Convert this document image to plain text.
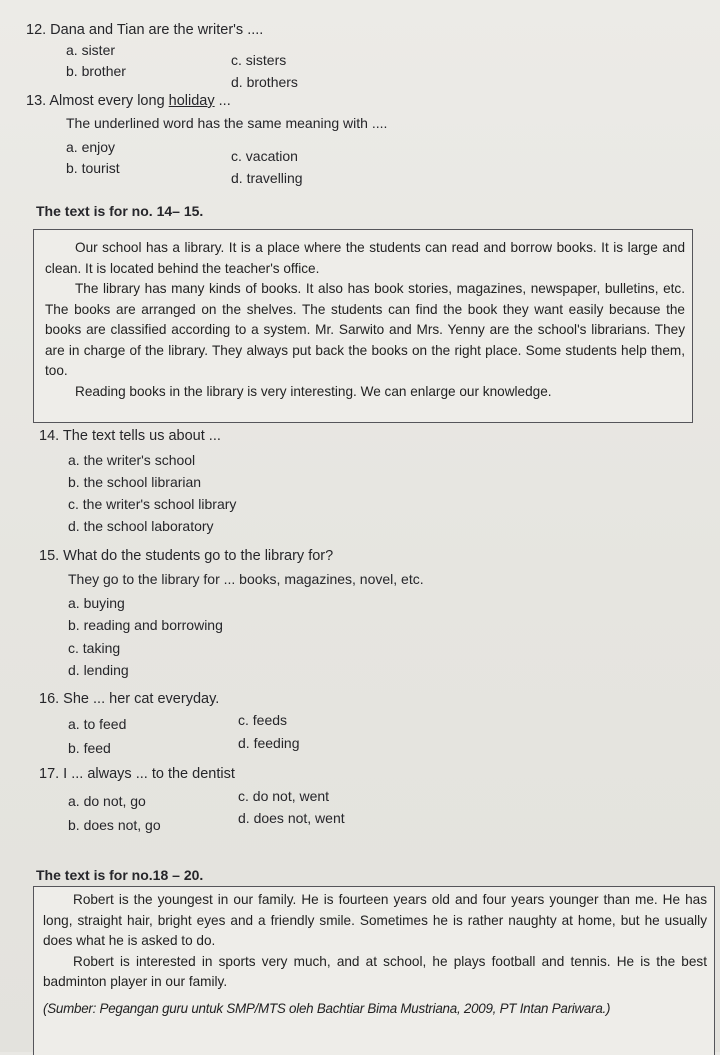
12. Dana and Tian are the writer's ....
a. sister
b. brother
c. sisters
d. brothers
13. Almost every long holiday ...
The underlined word has the same meaning with ....
a. enjoy
b. tourist
c. vacation
d. travelling
The text is for no. 14– 15.

Our school has a library. It is a place where the students can read and borrow books. It is large and clean. It is located behind the teacher's office.

The library has many kinds of books. It also has book stories, magazines, newspaper, bulletins, etc. The books are arranged on the shelves. The students can find the book they want easily because the books are classified according to a system. Mr. Sarwito and Mrs. Yenny are the school's librarians. They are in charge of the library. They always put back the books on the right place. Some students help them, too.

Reading books in the library is very interesting. We can enlarge our knowledge.

14. The text tells us about ...
a. the writer's school
b. the school librarian
c. the writer's school library
d. the school laboratory
15. What do the students go to the library for?
They go to the library for ... books, magazines, novel, etc.
a. buying
b. reading and borrowing
c. taking
d. lending
16. She ... her cat everyday.
a. to feed
b. feed
c. feeds
d. feeding
17. I ... always ... to the dentist
a. do not, go
b. does not, go
c. do not, went
d. does not, went
The text is for no.18 – 20.

Robert is the youngest in our family. He is fourteen years old and four years younger than me. He has long, straight hair, bright eyes and a friendly smile. Sometimes he is rather naughty at home, but he usually does what he is asked to do.

Robert is interested in sports very much, and at school, he plays football and tennis. He is the best badminton player in our family.

(Sumber: Pegangan guru untuk SMP/MTS oleh Bachtiar Bima Mustriana, 2009, PT Intan Pariwara.)
